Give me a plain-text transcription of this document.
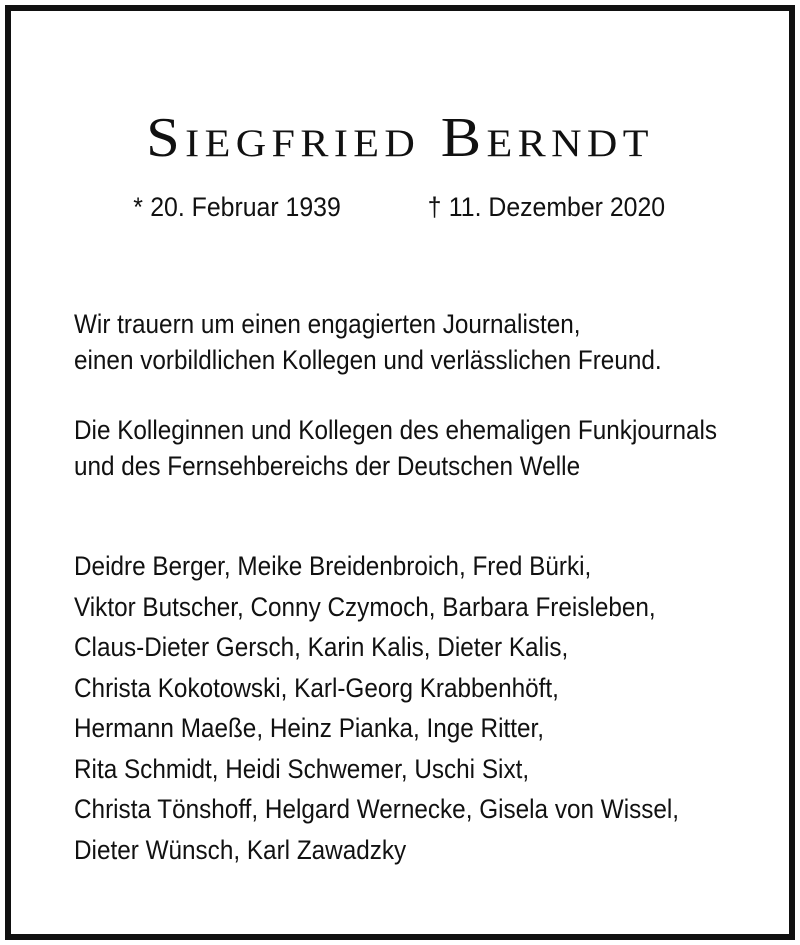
Siegfried Berndt
* 20. Februar 1939	† 11. Dezember 2020
Wir trauern um einen engagierten Journalisten,
einen vorbildlichen Kollegen und verlässlichen Freund.
Die Kolleginnen und Kollegen des ehemaligen Funkjournals
und des Fernsehbereichs der Deutschen Welle
Deidre Berger, Meike Breidenbroich, Fred Bürki,
Viktor Butscher, Conny Czymoch, Barbara Freisleben,
Claus-Dieter Gersch, Karin Kalis, Dieter Kalis,
Christa Kokotowski, Karl-Georg Krabbenhöft,
Hermann Maeße, Heinz Pianka, Inge Ritter,
Rita Schmidt, Heidi Schwemer, Uschi Sixt,
Christa Tönshoff, Helgard Wernecke, Gisela von Wissel,
Dieter Wünsch, Karl Zawadzky
